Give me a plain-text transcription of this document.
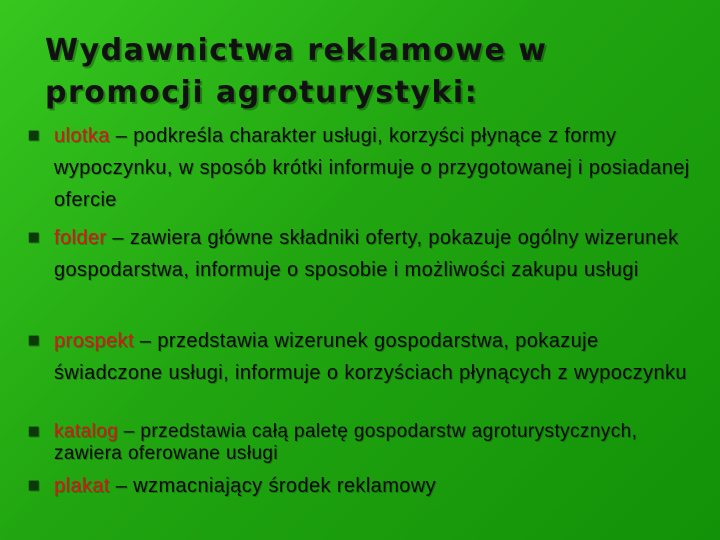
Wydawnictwa reklamowe w
promocji agroturystyki:
■ ulotka – podkreśla charakter usługi, korzyści płynące z formy wypoczynku, w sposób krótki informuje o przygotowanej i posiadanej ofercie
■ folder – zawiera główne składniki oferty, pokazuje ogólny wizerunek gospodarstwa, informuje o sposobie i możliwości zakupu usługi
■ prospekt – przedstawia wizerunek gospodarstwa, pokazuje świadczone usługi, informuje o korzyściach płynących z wypoczynku
■ katalog – przedstawia całą paletę gospodarstw agroturystycznych, zawiera oferowane usługi
■ plakat – wzmacniający środek reklamowy
